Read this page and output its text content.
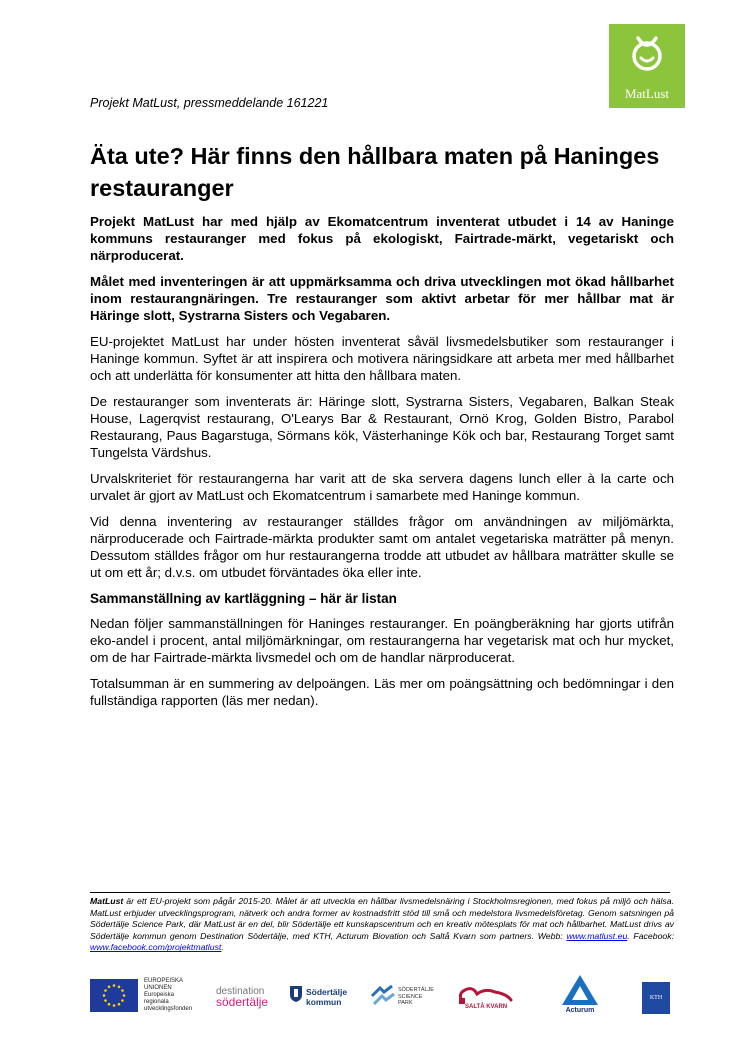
MatLust
Projekt MatLust, pressmeddelande 161221
Äta ute? Här finns den hållbara maten på Haninges restauranger

Projekt MatLust har med hjälp av Ekomatcentrum inventerat utbudet i 14 av Haninge kommuns restauranger med fokus på ekologiskt, Fairtrade-märkt, vegetariskt och närproducerat.

Målet med inventeringen är att uppmärksamma och driva utvecklingen mot ökad hållbarhet inom restaurangnäringen. Tre restauranger som aktivt arbetar för mer hållbar mat är Häringe slott, Systrarna Sisters och Vegabaren.

EU-projektet MatLust har under hösten inventerat såväl livsmedelsbutiker som restauranger i Haninge kommun. Syftet är att inspirera och motivera näringsidkare att arbeta mer med hållbarhet och att underlätta för konsumenter att hitta den hållbara maten.

De restauranger som inventerats är: Häringe slott, Systrarna Sisters, Vegabaren, Balkan Steak House, Lagerqvist restaurang, O'Learys Bar & Restaurant, Ornö Krog, Golden Bistro, Parabol Restaurang, Paus Bagarstuga, Sörmans kök, Västerhaninge Kök och bar, Restaurang Torget samt Tungelsta Värdshus.

Urvalskriteriet för restaurangerna har varit att de ska servera dagens lunch eller à la carte och urvalet är gjort av MatLust och Ekomatcentrum i samarbete med Haninge kommun.

Vid denna inventering av restauranger ställdes frågor om användningen av miljömärkta, närproducerade och Fairtrade-märkta produkter samt om antalet vegetariska maträtter på menyn. Dessutom ställdes frågor om hur restaurangerna trodde att utbudet av hållbara maträtter skulle se ut om ett år; d.v.s. om utbudet förväntades öka eller inte.

Sammanställning av kartläggning – här är listan

Nedan följer sammanställningen för Haninges restauranger. En poängberäkning har gjorts utifrån eko-andel i procent, antal miljömärkningar, om restaurangerna har vegetarisk mat och hur mycket, om de har Fairtrade-märkta livsmedel och om de handlar närproducerat.

Totalsumman är en summering av delpoängen. Läs mer om poängsättning och bedömningar i den fullständiga rapporten (läs mer nedan).

MatLust är ett EU-projekt som pågår 2015-20. Målet är att utveckla en hållbar livsmedelsnäring i Stockholmsregionen, med fokus på miljö och hälsa. MatLust erbjuder utvecklingsprogram, nätverk och andra former av kostnadsfritt stöd till små och medelstora livsmedelsföretag. Genom satsningen på Södertälje Science Park, där MatLust är en del, blir Södertälje ett kunskapscentrum och en kreativ mötesplats för mat och hållbarhet. MatLust drivs av Södertälje kommun genom Destination Södertälje, med KTH, Acturum Biovation och Saltå Kvarn som partners. Webb: www.matlust.eu. Facebook: www.facebook.com/projektmatlust.
EUROPEISKA
UNIONEN
Europeiska
regionala
utvecklingsfonden
destination
södertälje
Södertälje
kommun
SÖDERTÄLJE
SCIENCE
PARK
SALTÅ KVARN	Acturum
KTH
